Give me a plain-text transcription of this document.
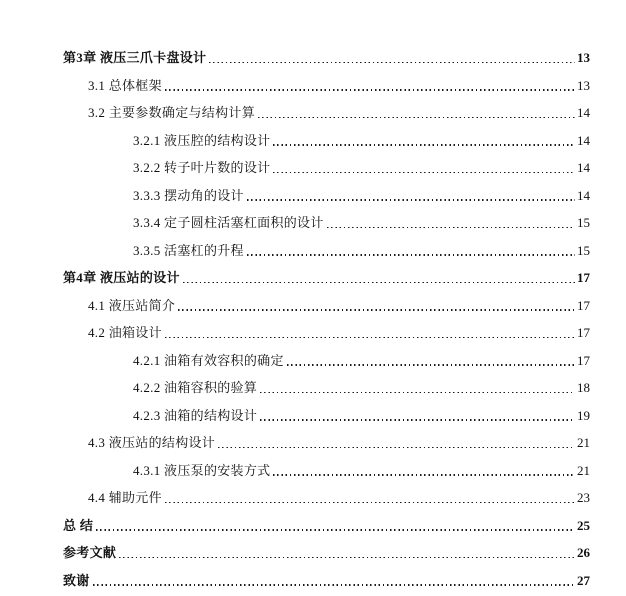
第3章 液压三爪卡盘设计	13
3.1 总体框架	13
3.2 主要参数确定与结构计算	14
3.2.1 液压腔的结构设计	14
3.2.2 转子叶片数的设计	14
3.3.3 摆动角的设计	14
3.3.4 定子圆柱活塞杠面积的设计	15
3.3.5 活塞杠的升程	15
第4章 液压站的设计	17
4.1 液压站简介	17
4.2 油箱设计	17
4.2.1 油箱有效容积的确定	17
4.2.2 油箱容积的验算	18
4.2.3 油箱的结构设计	19
4.3 液压站的结构设计	21
4.3.1 液压泵的安装方式	21
4.4 辅助元件	23
总 结	25
参考文献	26
致谢	27
